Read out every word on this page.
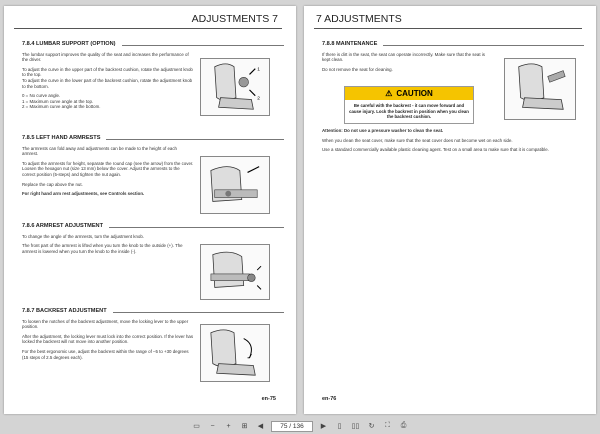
ADJUSTMENTS 7
7.8.4 LUMBAR SUPPORT (OPTION)
The lumbar support improves the quality of the seat and increases the performance of the driver.
To adjust the curve in the upper part of the backrest cushion, rotate the adjustment knob to the top.
To adjust the curve in the lower part of the backrest cushion, rotate the adjustment knob to the bottom.
0 = No curve angle.
1 = Maximum curve angle at the top.
2 = Maximum curve angle at the bottom.
1
2
7.8.5 LEFT HAND ARMRESTS
The armrests can fold away and adjustments can be made to the height of each armrest.
To adjust the armrests for height, separate the round cap (see the arrow) from the cover. Loosen the hexagon nut (size 13 mm) below the cover. Adjust the armrests to the correct position (5-steps) and tighten the nut again.
Replace the cap above the nut.
For right hand arm rest adjustments, see Controls section.
7.8.6 ARMREST ADJUSTMENT
To change the angle of the armrests, turn the adjustment knob.
The front part of the armrest is lifted when you turn the knob to the outside (+). The armrest is lowered when you turn the knob to the inside (-).
7.8.7 BACKREST ADJUSTMENT
To loosen the notches of the backrest adjustment, move the locking lever to the upper position.
After the adjustment, the locking lever must lock into the correct position. If the lever has locked the backrest will not move into another position.
For the best ergonomic use, adjust the backrest within the range of –5 to +30 degrees (15 steps of 2.5 degrees each).
en-75
7 ADJUSTMENTS
7.8.8 MAINTENANCE
If there is dirt in the seat, the seat can operate incorrectly. Make sure that the seat is kept clean.
Do not remove the seat for cleaning.
⚠ CAUTION
Be careful with the backrest - it can move forward and cause injury. Lock the backrest in position when you clean the backrest cushion.
Attention: Do not use a pressure washer to clean the seat.
When you clean the seat cover, make sure that the seat cover does not become wet on each side.
Use a standard commercially available plastic cleaning agent. Test on a small area to make sure that it is compatible.
en-76
▭	−	+	⊞	◀	75 / 136	▶	▯	▯▯	↻	⛶	⎙
